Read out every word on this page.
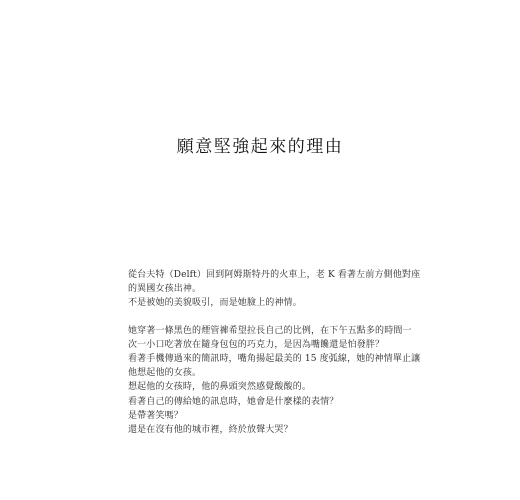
願意堅強起來的理由
從台夫特（Delft）回到阿姆斯特丹的火車上，老 K 看著左前方側他對座
的異國女孩出神。
不是被她的美貌吸引，而是她臉上的神情。
她穿著一條黑色的煙管褲希望拉長自己的比例，在下午五點多的時間一
次一小口吃著放在隨身包包的巧克力，是因為嘴饞還是怕發胖？
看著手機傳過來的簡訊時，嘴角揚起最美的 15 度弧線，她的神情單止讓
他想起他的女孩。
想起他的女孩時，他的鼻頭突然感覺酸酸的。
看著自己的傳給她的訊息時，她會是什麼樣的表情？
是帶著笑嗎？
還是在沒有他的城市裡，終於放聲大哭？
